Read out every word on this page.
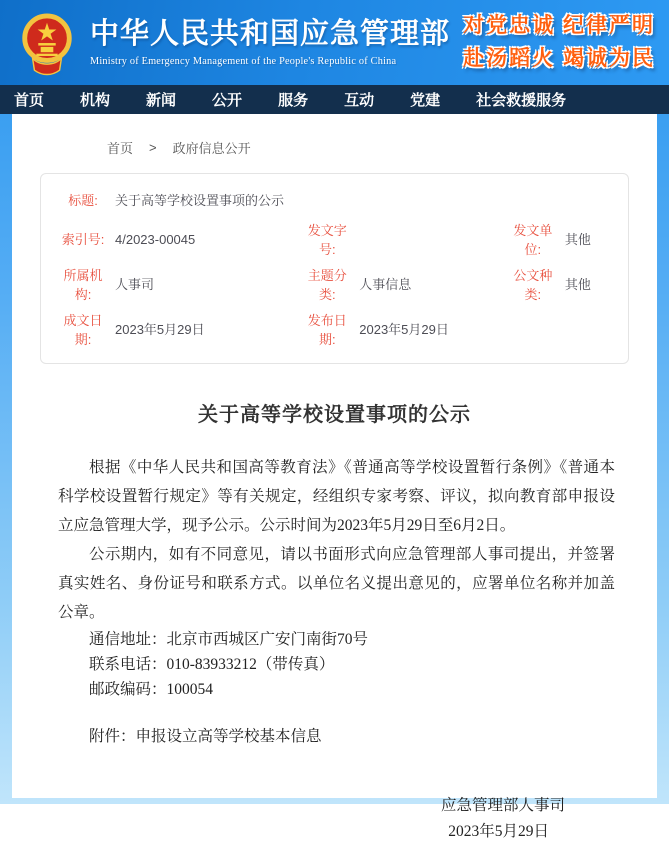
中华人民共和国应急管理部
Ministry of Emergency Management of the People's Republic of China
对党忠诚 纪律严明
赴汤蹈火 竭诚为民
首页 机构 新闻 公开 服务 互动 党建 社会救援服务
首页 > 政府信息公开
标题:	关于高等学校设置事项的公示
索引号: 4/2023-00045
发文字号:
发文单位:
其他
所属机构:
人事司
主题分类:
人事信息
公文种类:
其他
成文日期:
2023年5月29日
发布日期:
2023年5月29日
关于高等学校设置事项的公示

根据《中华人民共和国高等教育法》《普通高等学校设置暂行条例》《普通本科学校设置暂行规定》等有关规定，经组织专家考察、评议，拟向教育部申报设立应急管理大学，现予公示。公示时间为2023年5月29日至6月2日。

公示期内，如有不同意见，请以书面形式向应急管理部人事司提出，并签署真实姓名、身份证号和联系方式。以单位名义提出意见的，应署单位名称并加盖公章。

通信地址：北京市西城区广安门南街70号

联系电话：010-83933212（带传真）

邮政编码：100054

附件：申报设立高等学校基本信息

应急管理部人事司
2023年5月29日
